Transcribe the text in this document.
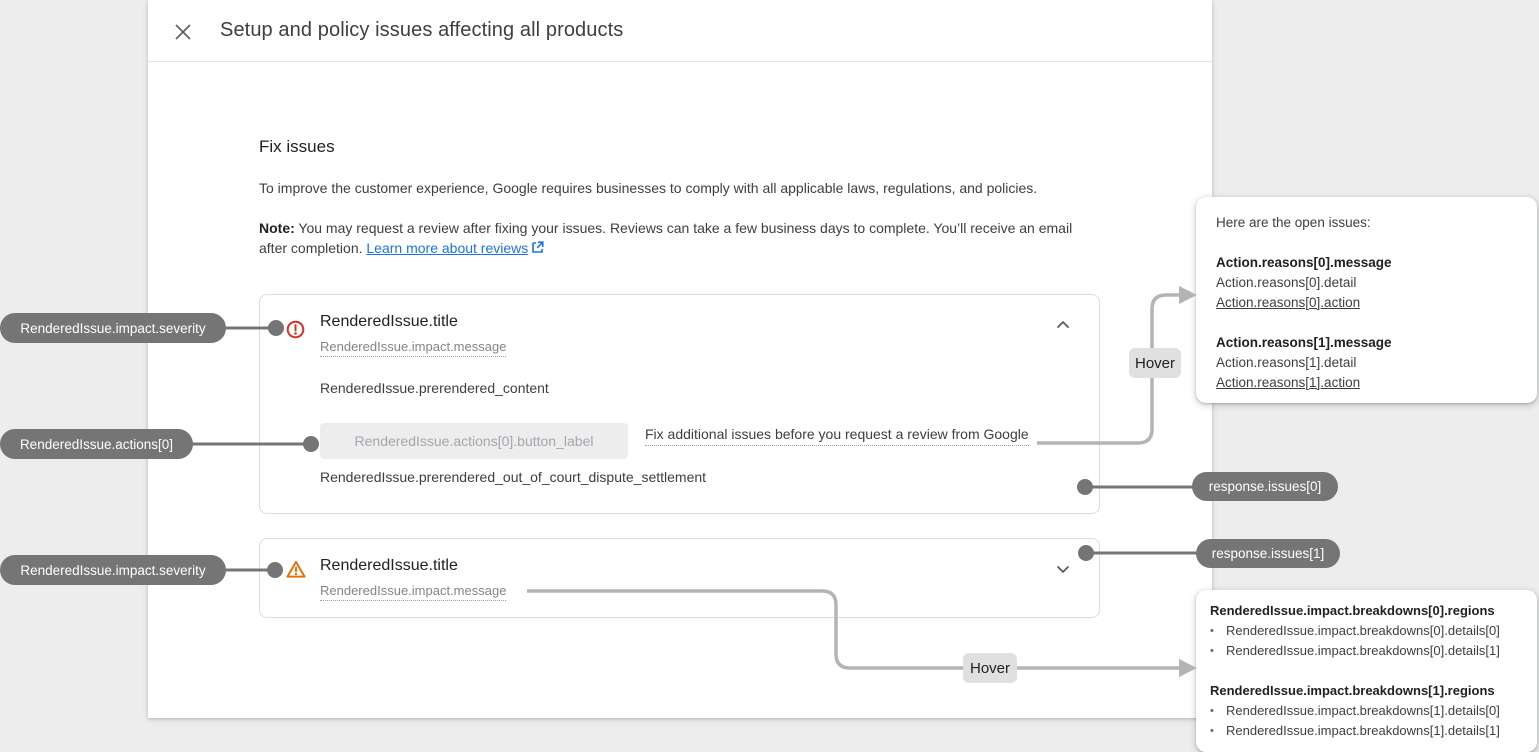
Setup and policy issues affecting all products
Fix issues
To improve the customer experience, Google requires businesses to comply with all applicable laws, regulations, and policies.
Note: You may request a review after fixing your issues. Reviews can take a few business days to complete. You’ll receive an email after completion. Learn more about reviews
RenderedIssue.title
RenderedIssue.impact.message
RenderedIssue.prerendered_content
RenderedIssue.actions[0].button_label	Fix additional issues before you request a review from Google
RenderedIssue.prerendered_out_of_court_dispute_settlement
RenderedIssue.title
RenderedIssue.impact.message
RenderedIssue.impact.severity
RenderedIssue.actions[0]
RenderedIssue.impact.severity
response.issues[0]
response.issues[1]
Hover
Hover

Here are the open issues:

Action.reasons[0].message

Action.reasons[0].detail

Action.reasons[0].action

Action.reasons[1].message

Action.reasons[1].detail

Action.reasons[1].action

RenderedIssue.impact.breakdowns[0].regions

• RenderedIssue.impact.breakdowns[0].details[0]

• RenderedIssue.impact.breakdowns[0].details[1]

RenderedIssue.impact.breakdowns[1].regions

• RenderedIssue.impact.breakdowns[1].details[0]

• RenderedIssue.impact.breakdowns[1].details[1]
